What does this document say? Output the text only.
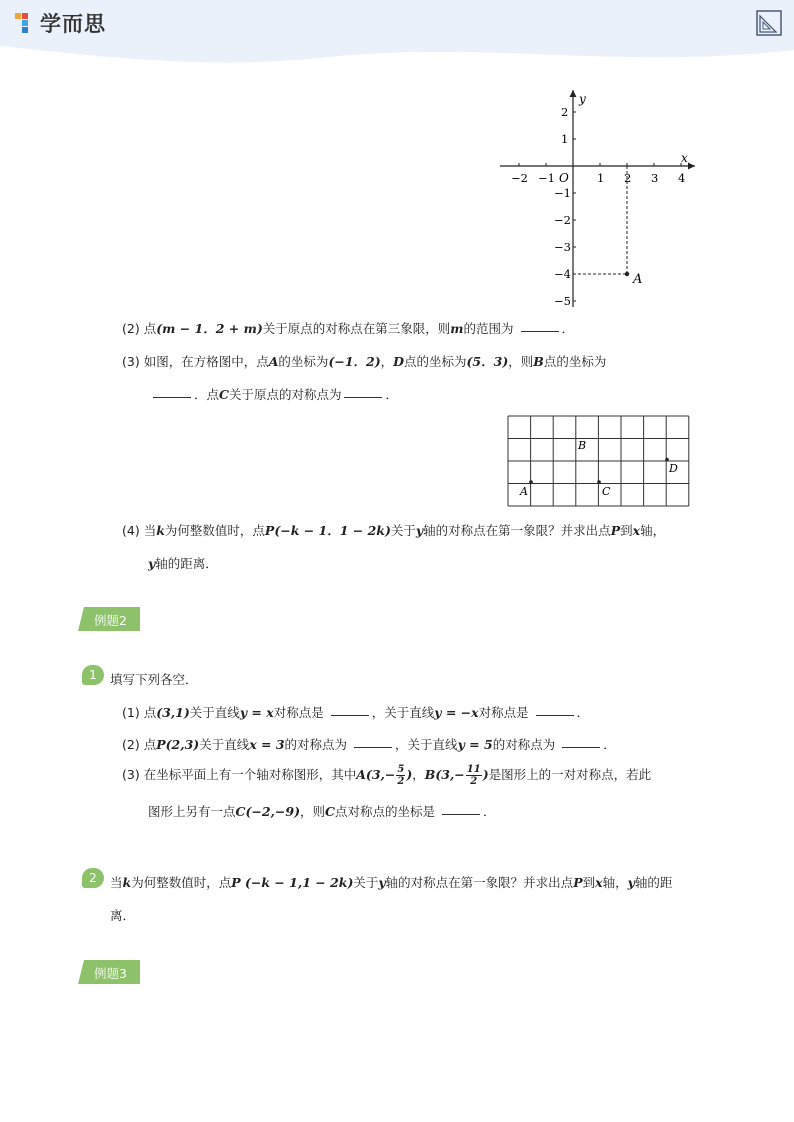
学而思
x
y
O
−2 −1	1 2 3 4
2
1
−1
−2
−3
−4
−5
A
(2) 点(m − 1．2 + m)关于原点的对称点在第三象限，则m的范围为	．
(3) 如图，在方格图中，点A的坐标为(−1．2)，D点的坐标为(5．3)，则B点的坐标为
．点C关于原点的对称点为	．
A	C
B
D
(4) 当k为何整数值时，点P(−k − 1．1 − 2k)关于y轴的对称点在第一象限？并求出点P到x轴，
y轴的距离．
例题2
1	填写下列各空．
(1) 点(3,1)关于直线y = x对称点是	，关于直线y = −x对称点是	．
(2) 点P(2,3)关于直线x = 3的对称点为	，关于直线y = 5的对称点为	．
(3) 在坐标平面上有一个轴对称图形，其中$A(3,- \frac{5}{2}$ )，$B(3,- \frac{11}{2}$ )是图形上的一对对称点，若此
图形上另有一点C(−2,−9)，则C点对称点的坐标是	．
2	当k为何整数值时，点P (−k − 1,1 − 2k)关于y轴的对称点在第一象限？并求出点P到x轴，y轴的距
离．
例题3
